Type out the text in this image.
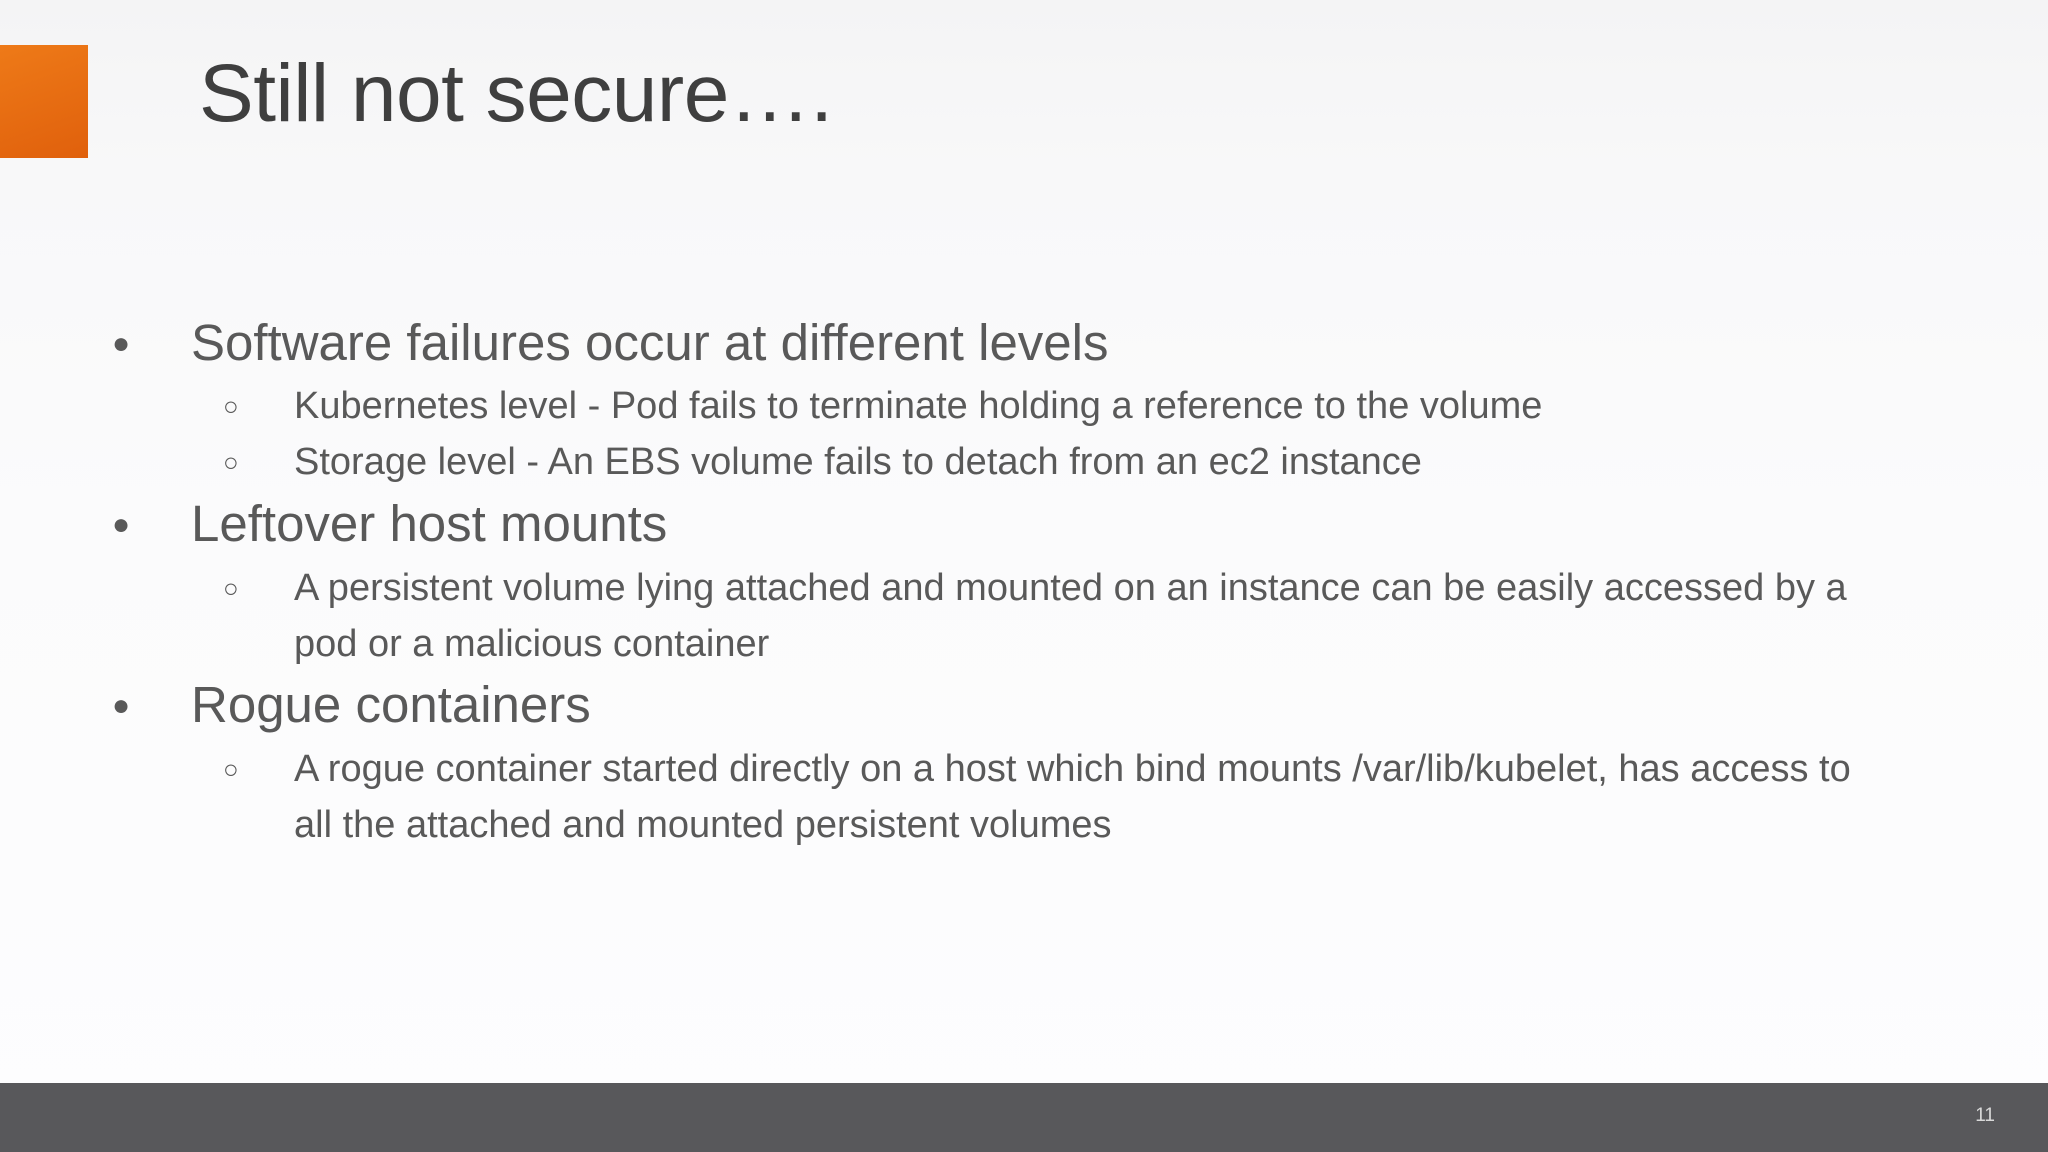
Still not secure….
● Software failures occur at different levels
○ Kubernetes level - Pod fails to terminate holding a reference to the volume
○ Storage level - An EBS volume fails to detach from an ec2 instance
● Leftover host mounts
○ A persistent volume lying attached and mounted on an instance can be easily accessed by a
pod or a malicious container
● Rogue containers
○ A rogue container started directly on a host which bind mounts /var/lib/kubelet, has access to
all the attached and mounted persistent volumes
11
